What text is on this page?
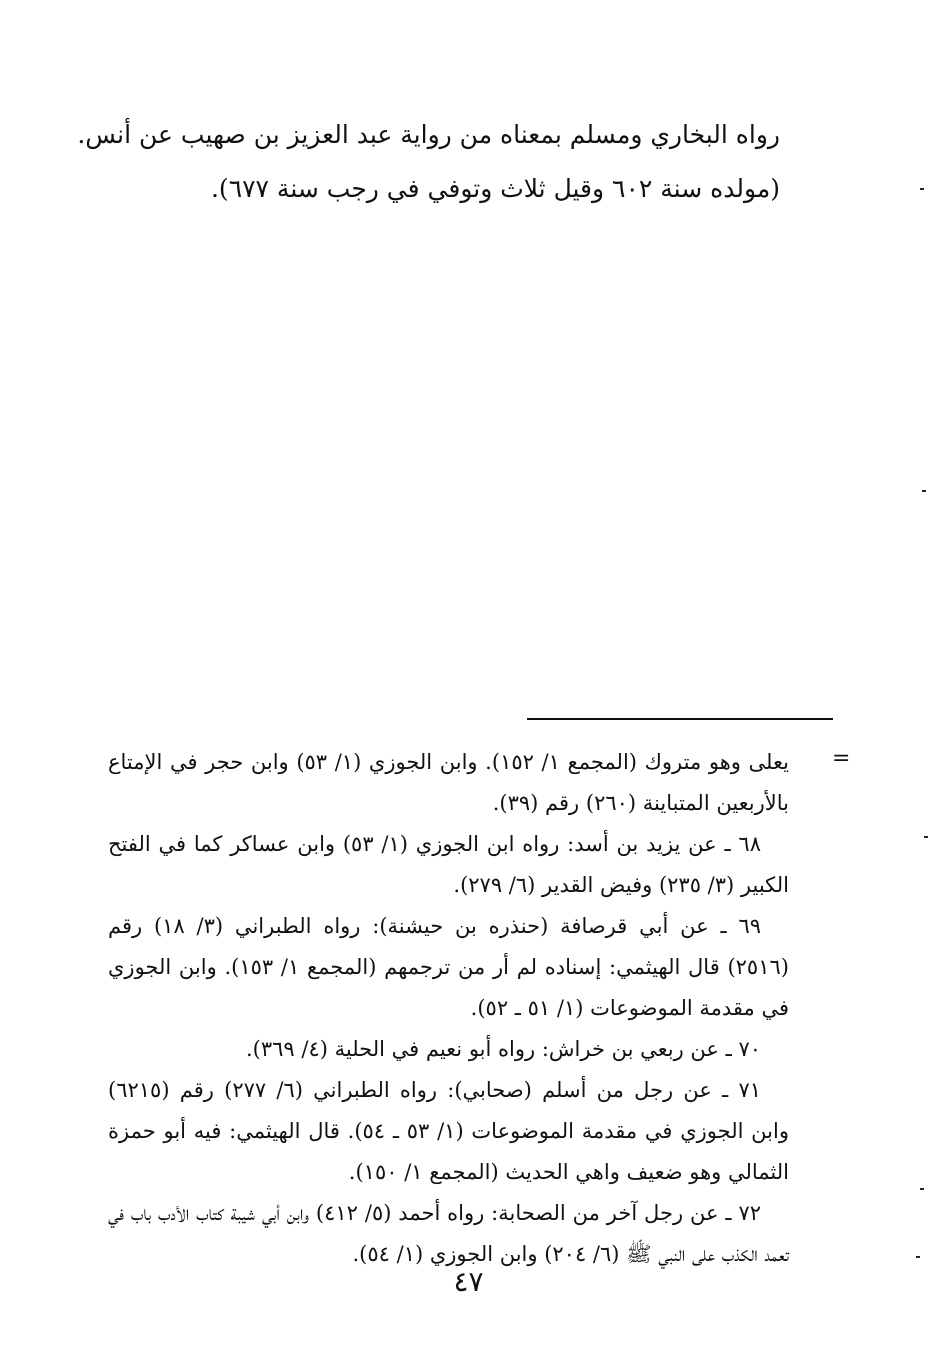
رواه البخاري ومسلم بمعناه من رواية عبد العزيز بن صهيب عن أنس.

(مولده سنة ٦٠٢ وقيل ثلاث وتوفي في رجب سنة ٦٧٧).

=

يعلى وهو متروك (المجمع ١/ ١٥٢). وابن الجوزي (١/ ٥٣) وابن حجر في الإمتاع بالأربعين المتباينة (٢٦٠) رقم (٣٩).

٦٨ ـ عن يزيد بن أسد: رواه ابن الجوزي (١/ ٥٣) وابن عساكر كما في الفتح الكبير (٣/ ٢٣٥) وفيض القدير (٦/ ٢٧٩).

٦٩ ـ عن أبي قرصافة (حنذره بن حيشنة): رواه الطبراني (٣/ ١٨) رقم (٢٥١٦) قال الهيثمي: إسناده لم أر من ترجمهم (المجمع ١/ ١٥٣). وابن الجوزي في مقدمة الموضوعات (١/ ٥١ ـ ٥٢).

٧٠ ـ عن ربعي بن خراش: رواه أبو نعيم في الحلية (٤/ ٣٦٩).

٧١ ـ عن رجل من أسلم (صحابي): رواه الطبراني (٦/ ٢٧٧) رقم (٦٢١٥) وابن الجوزي في مقدمة الموضوعات (١/ ٥٣ ـ ٥٤). قال الهيثمي: فيه أبو حمزة الثمالي وهو ضعيف واهي الحديث (المجمع ١/ ١٥٠).

٧٢ ـ عن رجل آخر من الصحابة: رواه أحمد (٥/ ٤١٢) وابن أبي شيبة كتاب الأدب باب في تعمد الكذب على النبي ﷺ (٦/ ٢٠٤) وابن الجوزي (١/ ٥٤).

٤٧
